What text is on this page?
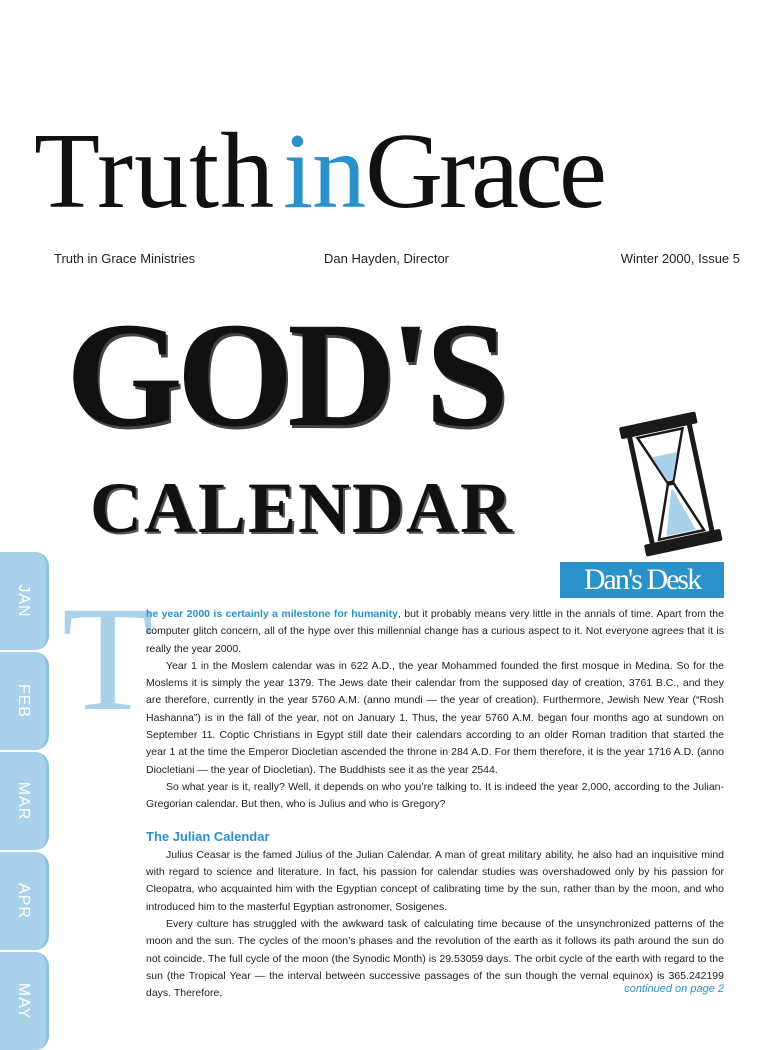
TruthinGrace
Truth in Grace Ministries	Dan Hayden, Director	Winter 2000, Issue 5
GOD'S
CALENDAR
JAN
FEB
MAR
APR
MAY
Dan's Desk
T

he year 2000 is certainly a milestone for humanity, but it probably means very little in the annals of time. Apart from the computer glitch concern, all of the hype over this millennial change has a curious aspect to it. Not everyone agrees that it is really the year 2000.

Year 1 in the Moslem calendar was in 622 A.D., the year Mohammed founded the first mosque in Medina. So for the Moslems it is simply the year 1379. The Jews date their calendar from the supposed day of creation, 3761 B.C., and they are therefore, currently in the year 5760 A.M. (anno mundi — the year of creation). Furthermore, Jewish New Year (“Rosh Hashanna”) is in the fall of the year, not on January 1. Thus, the year 5760 A.M. began four months ago at sundown on September 11. Coptic Christians in Egypt still date their calendars according to an older Roman tradition that started the year 1 at the time the Emperor Diocletian ascended the throne in 284 A.D. For them therefore, it is the year 1716 A.D. (anno Diocletiani — the year of Diocletian). The Buddhists see it as the year 2544.

So what year is it, really? Well, it depends on who you’re talking to. It is indeed the year 2,000, according to the Julian-Gregorian calendar. But then, who is Julius and who is Gregory?

The Julian Calendar

Julius Ceasar is the famed Julius of the Julian Calendar. A man of great military ability, he also had an inquisitive mind with regard to science and literature. In fact, his passion for calendar studies was overshadowed only by his passion for Cleopatra, who acquainted him with the Egyptian concept of calibrating time by the sun, rather than by the moon, and who introduced him to the masterful Egyptian astronomer, Sosigenes.

Every culture has struggled with the awkward task of calculating time because of the unsynchronized patterns of the moon and the sun. The cycles of the moon’s phases and the revolution of the earth as it follows its path around the sun do not coincide. The full cycle of the moon (the Synodic Month) is 29.53059 days. The orbit cycle of the earth with regard to the sun (the Tropical Year — the interval between successive passages of the sun though the vernal equinox) is 365.242199 days. Therefore,	continued on page 2
